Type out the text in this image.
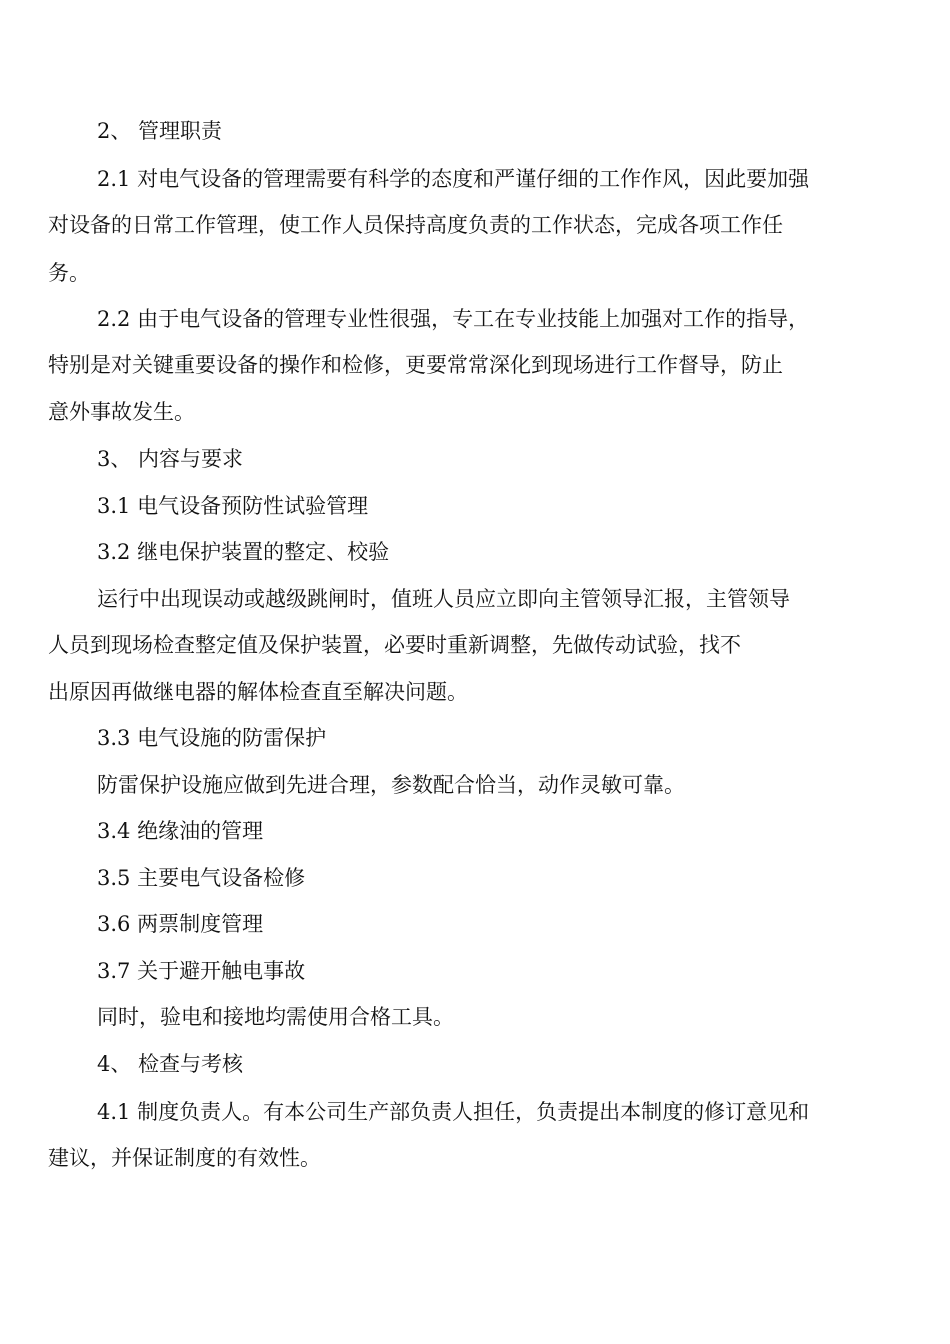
2、 管理职责
2.1 对电气设备的管理需要有科学的态度和严谨仔细的工作作风，因此要加强
对设备的日常工作管理，使工作人员保持高度负责的工作状态，完成各项工作任
务。
2.2 由于电气设备的管理专业性很强，专工在专业技能上加强对工作的指导，
特别是对关键重要设备的操作和检修，更要常常深化到现场进行工作督导，防止
意外事故发生。
3、 内容与要求
3.1 电气设备预防性试验管理
3.2 继电保护装置的整定、校验
运行中出现误动或越级跳闸时，值班人员应立即向主管领导汇报，主管领导
人员到现场检查整定值及保护装置，必要时重新调整，先做传动试验，找不
出原因再做继电器的解体检查直至解决问题。
3.3 电气设施的防雷保护
防雷保护设施应做到先进合理，参数配合恰当，动作灵敏可靠。
3.4 绝缘油的管理
3.5 主要电气设备检修
3.6 两票制度管理
3.7 关于避开触电事故
同时，验电和接地均需使用合格工具。
4、 检查与考核
4.1 制度负责人。有本公司生产部负责人担任，负责提出本制度的修订意见和
建议，并保证制度的有效性。
